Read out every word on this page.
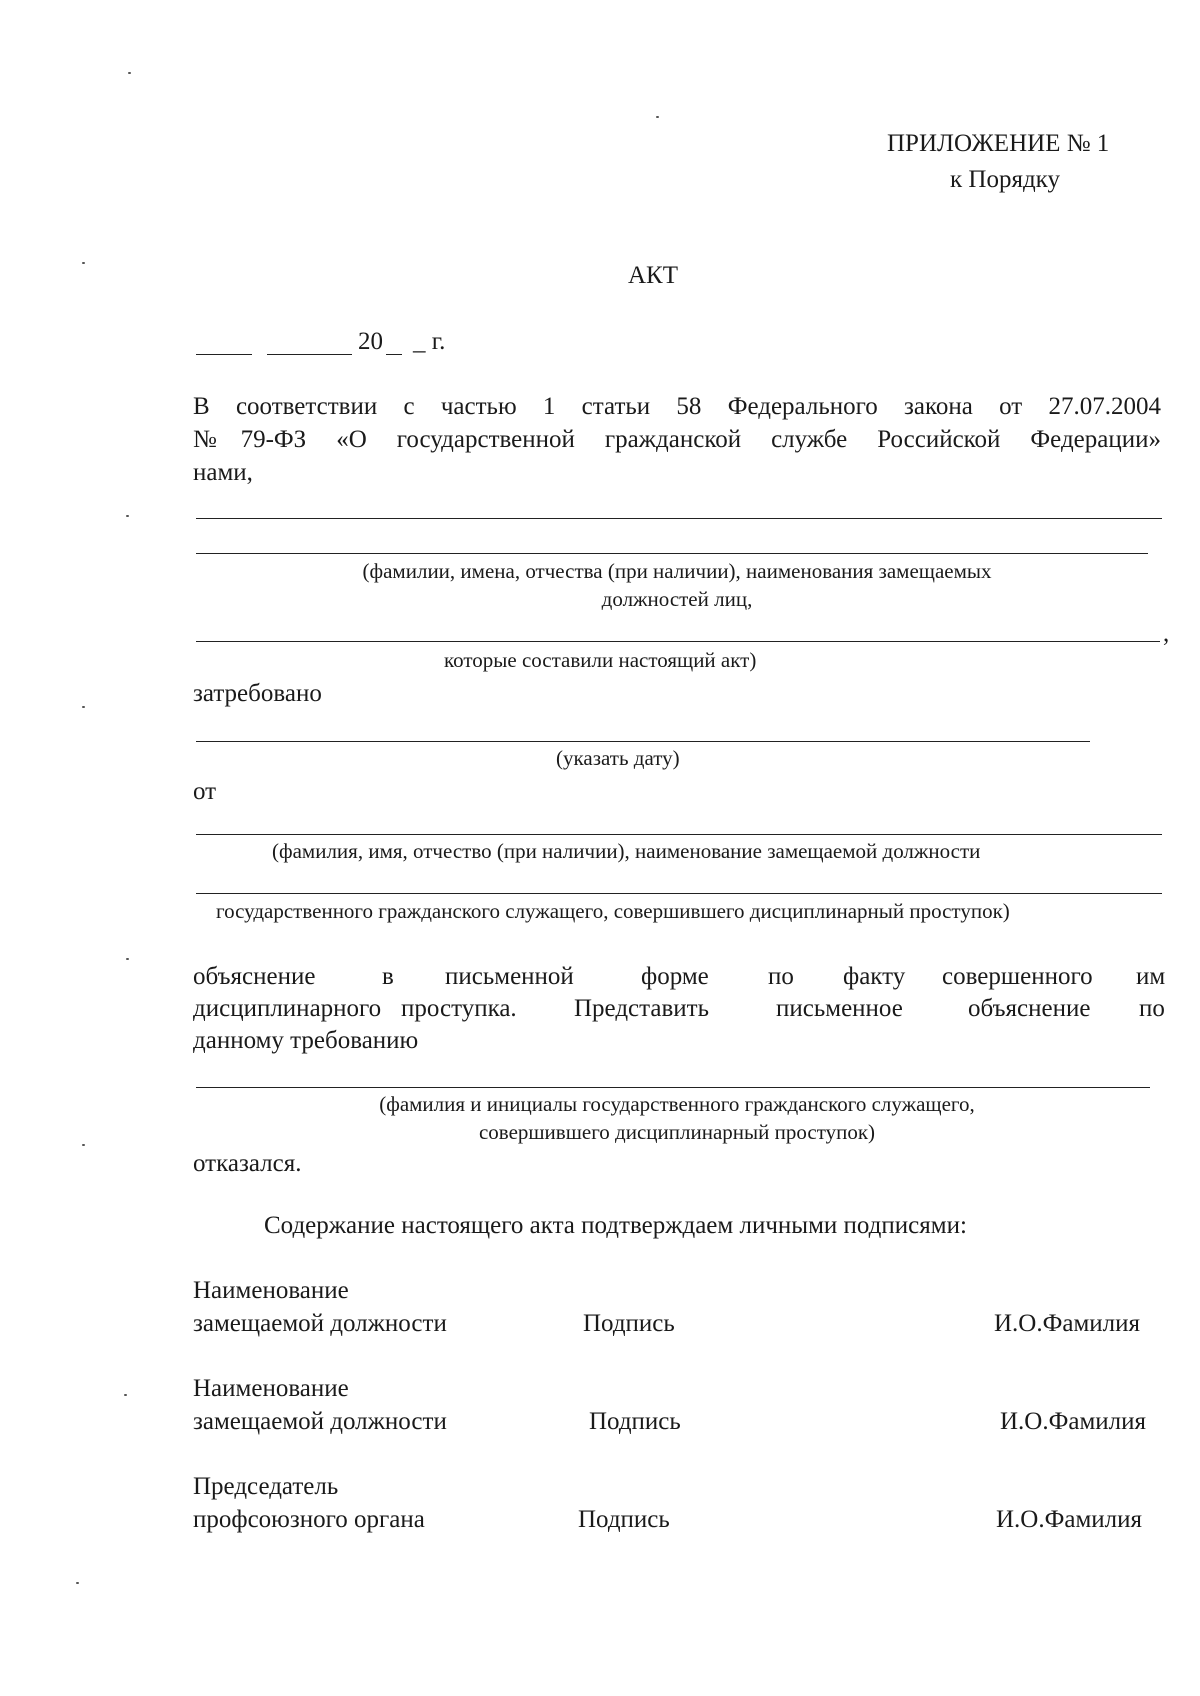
ПРИЛОЖЕНИЕ № 1
к Порядку
АКТ
20 _ г.
В соответствии с частью 1 статьи 58 Федерального закона от 27.07.2004
№79-ФЗ «О государственной гражданской службе Российской Федерации»
нами,
(фамилии, имена, отчества (при наличии), наименования замещаемых
должностей лиц,
,
которые составили настоящий акт)
затребовано
(указать дату)
от
(фамилия, имя, отчество (при наличии), наименование замещаемой должности
государственного гражданского служащего, совершившего дисциплинарный проступок)
объяснение	в письменной	форме по факту совершенного им
дисциплинарного проступка. Представить	письменное	объяснение по
данному требованию
(фамилия и инициалы государственного гражданского служащего,
совершившего дисциплинарный проступок)
отказался.
Содержание настоящего акта подтверждаем личными подписями:
Наименование
замещаемой должности	Подпись	И.О.Фамилия
Наименование
замещаемой должности	Подпись	И.О.Фамилия
Председатель
профсоюзного органа	Подпись	И.О.Фамилия
